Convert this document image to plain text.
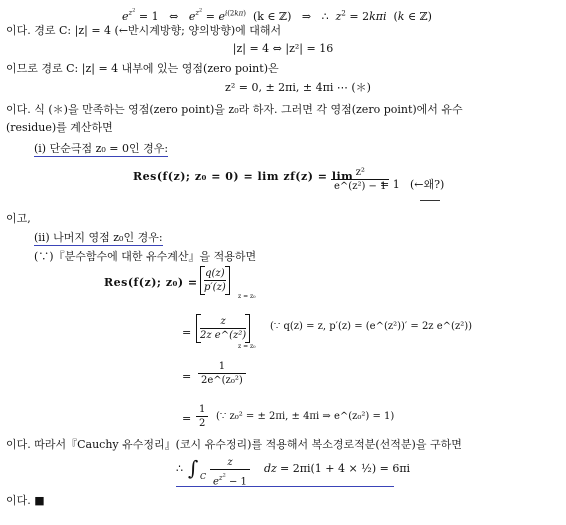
$e^{z^2} = 1$   ⇔   $e^{z^2} = e^{i(2k\pi)}$ (k ∈ ℤ)   ⇒   ∴  $z^2 = 2k\pi i$  (k ∈ ℤ)
이다. 경로 C: |z| = 4 (←반시계방향; 양의방향)에 대해서
|z| = 4 ⇔ |z²| = 16
이므로 경로 C: |z| = 4 내부에 있는 영점(zero point)은
z² = 0, ± 2πi, ± 4πi ⋯ (＊)
이다. 식 (＊)을 만족하는 영점(zero point)을 z₀라 하자. 그러면 각 영점(zero point)에서 유수
(residue)를 계산하면
(i) 단순극점 z₀ = 0인 경우:
Res(f(z); z₀ = 0) = lim zf(z) = lim
$\frac{\text{z²}}{\text{e\textasciicircum{}(z²) − 1}}$
= 1 (←왜?)
이고,
(ii) 나머지 영점 z₀인 경우:
(∵)『분수함수에 대한 유수계산』을 적용하면
Res(f(z); z₀) =
q(z)
p′(z)
z = z₀
=
z
2z e^(z²)
z = z₀
(∵ q(z) = z, p′(z) = (e^(z²))′ = 2z e^(z²))
= $\frac{1}{\text{2e\textasciicircum{}(z₀²)}}$
= $\frac{1}{2}$ (∵ z₀² = ± 2πi, ± 4πi ⇒ e^(z₀²) = 1)
이다. 따라서『Cauchy 유수정리』(코시 유수정리)를 적용해서 복소경로적분(선적분)을 구하면
∴ ∫ C $\frac{z}{e^{z^2} - 1}$ dz = 2πi(1 + 4 × ½) = 6πi
이다. ■
